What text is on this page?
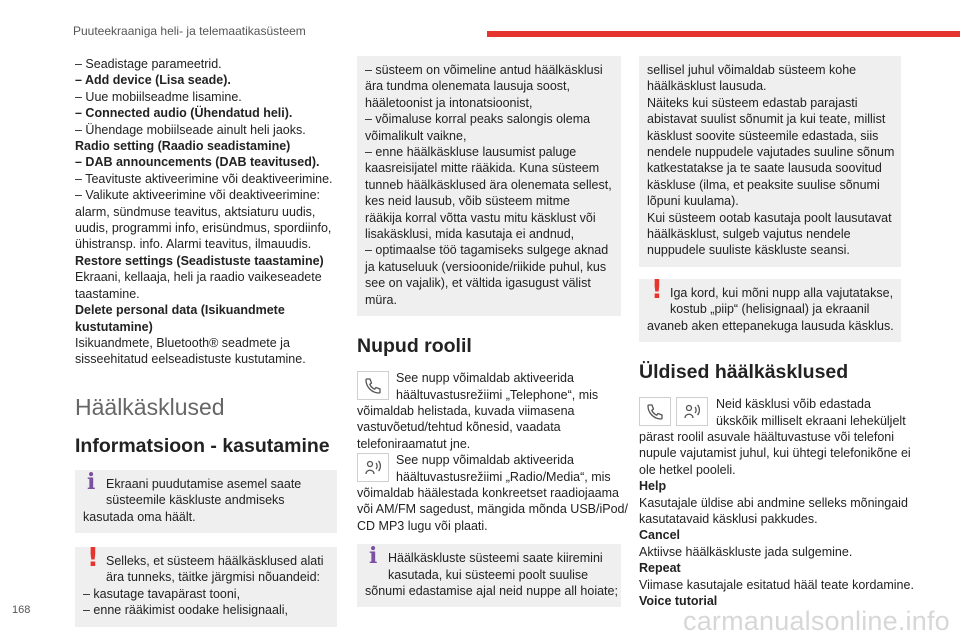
Puuteekraaniga heli- ja telemaatikasüsteem
– Seadistage parameetrid.
– Add device (Lisa seade).
– Uue mobiilseadme lisamine.
– Connected audio (Ühendatud heli).
– Ühendage mobiilseade ainult heli jaoks.
Radio setting (Raadio seadistamine)
– DAB announcements (DAB teavitused).
– Teavituste aktiveerimine või deaktiveerimine.
– Valikute aktiveerimine või deaktiveerimine:
alarm, sündmuse teavitus, aktsiaturu uudis,
uudis, programmi info, erisündmus, spordiinfo,
ühistransp. info. Alarmi teavitus, ilmauudis.
Restore settings (Seadistuste taastamine)
Ekraani, kellaaja, heli ja raadio vaikeseadete
taastamine.
Delete personal data (Isikuandmete
kustutamine)
Isikuandmete, Bluetooth® seadmete ja
sisseehitatud eelseadistuste kustutamine.
Häälkäsklused
Informatsioon - kasutamine
i Ekraani puudutamise asemel saate
süsteemile käskluste andmiseks
kasutada oma häält.
! Selleks, et süsteem häälkäsklused alati
ära tunneks, täitke järgmisi nõuandeid:
– kasutage tavapärast tooni,
– enne rääkimist oodake helisignaali,
– süsteem on võimeline antud häälkäsklusi
ära tundma olenemata lausuja soost,
hääletoonist ja intonatsioonist,
– võimaluse korral peaks salongis olema
võimalikult vaikne,
– enne häälkäskluse lausumist paluge
kaasreisijatel mitte rääkida. Kuna süsteem
tunneb häälkäsklused ära olenemata sellest,
kes neid lausub, võib süsteem mitme
rääkija korral võtta vastu mitu käsklust või
lisakäsklusi, mida kasutaja ei andnud,
– optimaalse töö tagamiseks sulgege aknad
ja katuseluuk (versioonide/riikide puhul, kus
see on vajalik), et vältida igasugust välist
müra.
Nupud roolil
See nupp võimaldab aktiveerida
häältuvastusrežiimi „Telephone“, mis
võimaldab helistada, kuvada viimasena
vastuvõetud/tehtud kõnesid, vaadata
telefoniraamatut jne.
See nupp võimaldab aktiveerida
häältuvastusrežiimi „Radio/Media“, mis
võimaldab häälestada konkreetset raadiojaama
või AM/FM sagedust, mängida mõnda USB/iPod/
CD MP3 lugu või plaati.
i Häälkäskluste süsteemi saate kiiremini
kasutada, kui süsteemi poolt suulise
sõnumi edastamise ajal neid nuppe all hoiate;
sellisel juhul võimaldab süsteem kohe
häälkäsklust lausuda.
Näiteks kui süsteem edastab parajasti
abistavat suulist sõnumit ja kui teate, millist
käsklust soovite süsteemile edastada, siis
nendele nuppudele vajutades suuline sõnum
katkestatakse ja te saate lausuda soovitud
käskluse (ilma, et peaksite suulise sõnumi
lõpuni kuulama).
Kui süsteem ootab kasutaja poolt lausutavat
häälkäsklust, sulgeb vajutus nendele
nuppudele suuliste käskluste seansi.
! Iga kord, kui mõni nupp alla vajutatakse,
kostub „piip“ (helisignaal) ja ekraanil
avaneb aken ettepanekuga lausuda käsklus.
Üldised häälkäsklused
Neid käsklusi võib edastada
ükskõik milliselt ekraani leheküljelt
pärast roolil asuvale häältuvastuse või telefoni
nupule vajutamist juhul, kui ühtegi telefonikõne ei
ole hetkel pooleli.
Help
Kasutajale üldise abi andmine selleks mõningaid
kasutatavaid käsklusi pakkudes.
Cancel
Aktiivse häälkäskluste jada sulgemine.
Repeat
Viimase kasutajale esitatud hääl teate kordamine.
Voice tutorial
168	carmanualsonline.info
